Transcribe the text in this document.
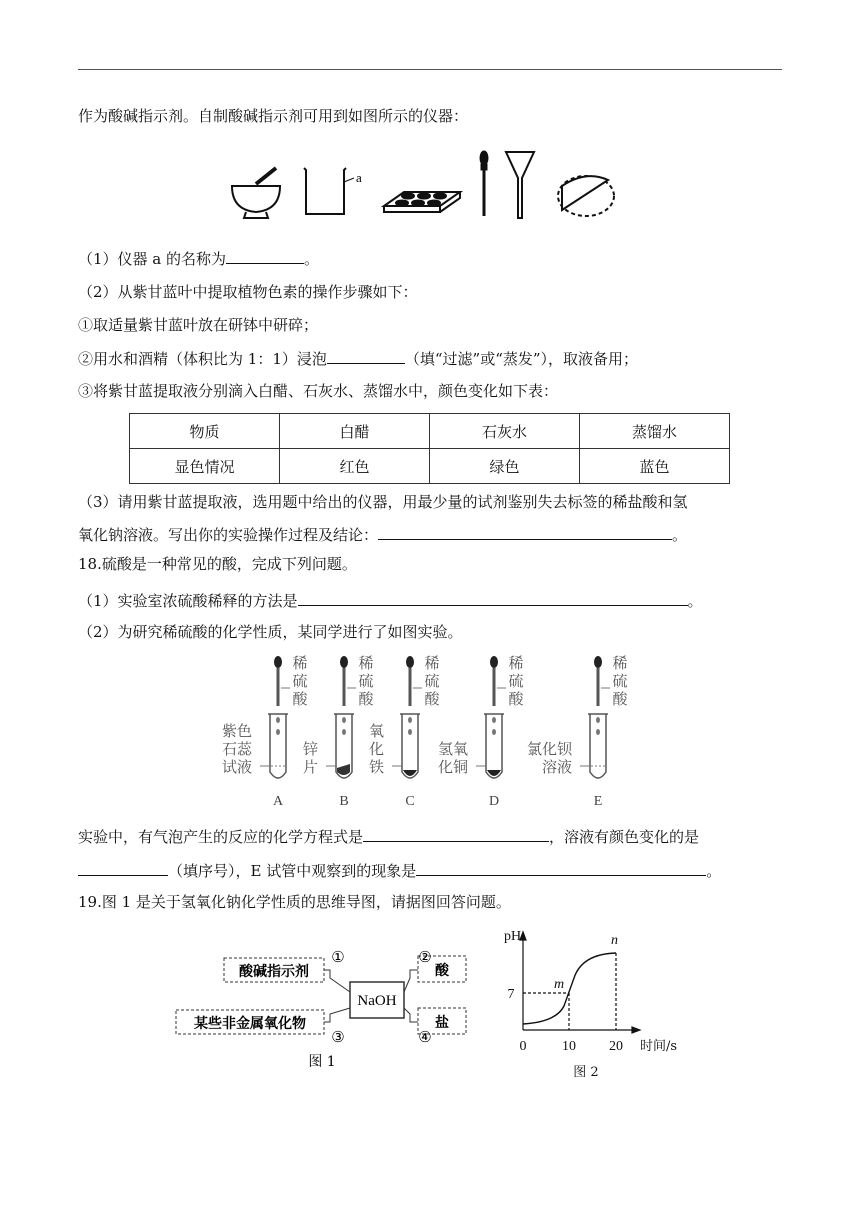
作为酸碱指示剂。自制酸碱指示剂可用到如图所示的仪器：
a
（1）仪器 a 的名称为	。
（2）从紫甘蓝叶中提取植物色素的操作步骤如下：
①取适量紫甘蓝叶放在研钵中研碎；
②用水和酒精（体积比为 1：1）浸泡	（填“过滤”或“蒸发”），取液备用；
③将紫甘蓝提取液分别滴入白醋、石灰水、蒸馏水中，颜色变化如下表：
物质	白醋	石灰水	蒸馏水
显色情况	红色	绿色	蓝色
（3）请用紫甘蓝提取液，选用题中给出的仪器，用最少量的试剂鉴别失去标签的稀盐酸和氢
氧化钠溶液。写出你的实验操作过程及结论：	。
18.硫酸是一种常见的酸，完成下列问题。
（1）实验室浓硫酸稀释的方法是	。
（2）为研究稀硫酸的化学性质，某同学进行了如图实验。
稀
硫
酸
紫色
石蕊
试液
A
稀
硫
酸
锌
片
B
稀
硫
酸
氧
化
铁
C
稀
硫
酸
氢氧
化铜
D
稀
硫
酸
氯化钡
溶液
E
实验中，有气泡产生的反应的化学方程式是	，溶液有颜色变化的是
（填序号），E 试管中观察到的现象是	。
19.图 1 是关于氢氧化钠化学性质的思维导图，请据图回答问题。
酸碱指示剂
某些非金属氧化物
NaOH
酸
盐
①	②
③	④
图 1
pH
7
0	10 20 时间/s
m
n
图 2
